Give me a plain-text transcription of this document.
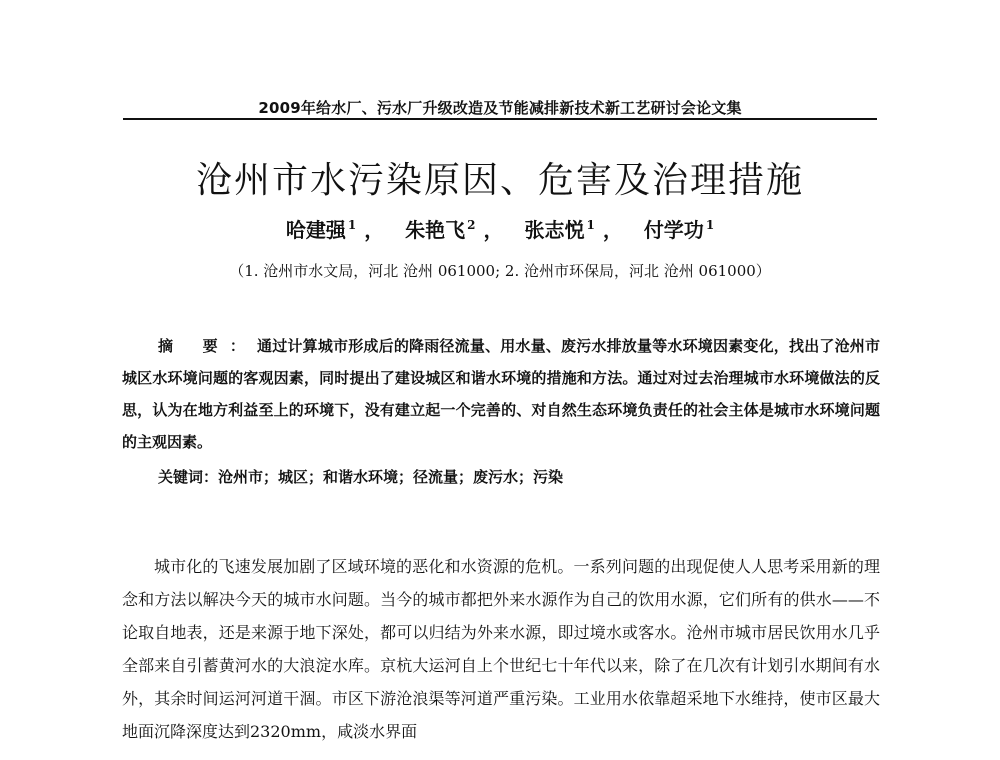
2009年给水厂、污水厂升级改造及节能减排新技术新工艺研讨会论文集
沧州市水污染原因、危害及治理措施
哈建强 $^1$ ， 朱艳飞 $^2$ ， 张志悦 $^1$ ， 付学功 $^1$
（1. 沧州市水文局，河北 沧州 061000; 2. 沧州市环保局，河北 沧州 061000）
摘 要：通过计算城市形成后的降雨径流量、用水量、废污水排放量等水环境因素变化，找出了沧州市城区水环境问题的客观因素，同时提出了建设城区和谐水环境的措施和方法。通过对过去治理城市水环境做法的反思，认为在地方利益至上的环境下，没有建立起一个完善的、对自然生态环境负责任的社会主体是城市水环境问题的主观因素。
关键词：沧州市；城区；和谐水环境；径流量；废污水；污染
城市化的飞速发展加剧了区域环境的恶化和水资源的危机。一系列问题的出现促使人人思考采用新的理念和方法以解决今天的城市水问题。当今的城市都把外来水源作为自己的饮用水源，它们所有的供水——不论取自地表，还是来源于地下深处，都可以归结为外来水源，即过境水或客水。沧州市城市居民饮用水几乎全部来自引蓄黄河水的大浪淀水库。京杭大运河自上个世纪七十年代以来，除了在几次有计划引水期间有水外，其余时间运河河道干涸。市区下游沧浪渠等河道严重污染。工业用水依靠超采地下水维持，使市区最大地面沉降深度达到2320mm，咸淡水界面
